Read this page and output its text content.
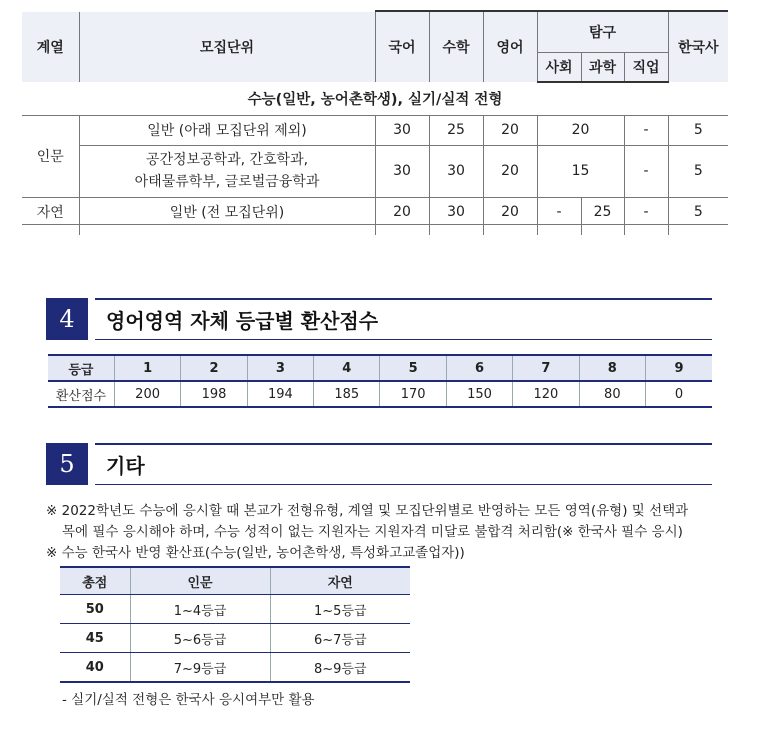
계열	모집단위	국어	수학	영어	탐구			한국사
					사회	과학	직업	
수능(일반, 농어촌학생), 실기/실적 전형								
인문	일반 (아래 모집단위 제외)	30	25	20	20		-	5
	공간정보공학과, 간호학과,
아태물류학부, 글로벌금융학과	30	30	20	15		-	5
자연	일반 (전 모집단위)	20	30	20	-	25	-	5

4	영어영역 자체 등급별 환산점수
등급	1	2	3	4	5	6	7	8	9
환산점수	200	198	194	185	170	150	120	80	0
5	기타
※ 2022학년도 수능에 응시할 때 본교가 전형유형, 계열 및 모집단위별로 반영하는 모든 영역(유형) 및 선택과
목에 필수 응시해야 하며, 수능 성적이 없는 지원자는 지원자격 미달로 불합격 처리함(※ 한국사 필수 응시)
※ 수능 한국사 반영 환산표(수능(일반, 농어촌학생, 특성화고교졸업자))
총점	인문	자연
50	1~4등급	1~5등급
45	5~6등급	6~7등급
40	7~9등급	8~9등급
- 실기/실적 전형은 한국사 응시여부만 활용
